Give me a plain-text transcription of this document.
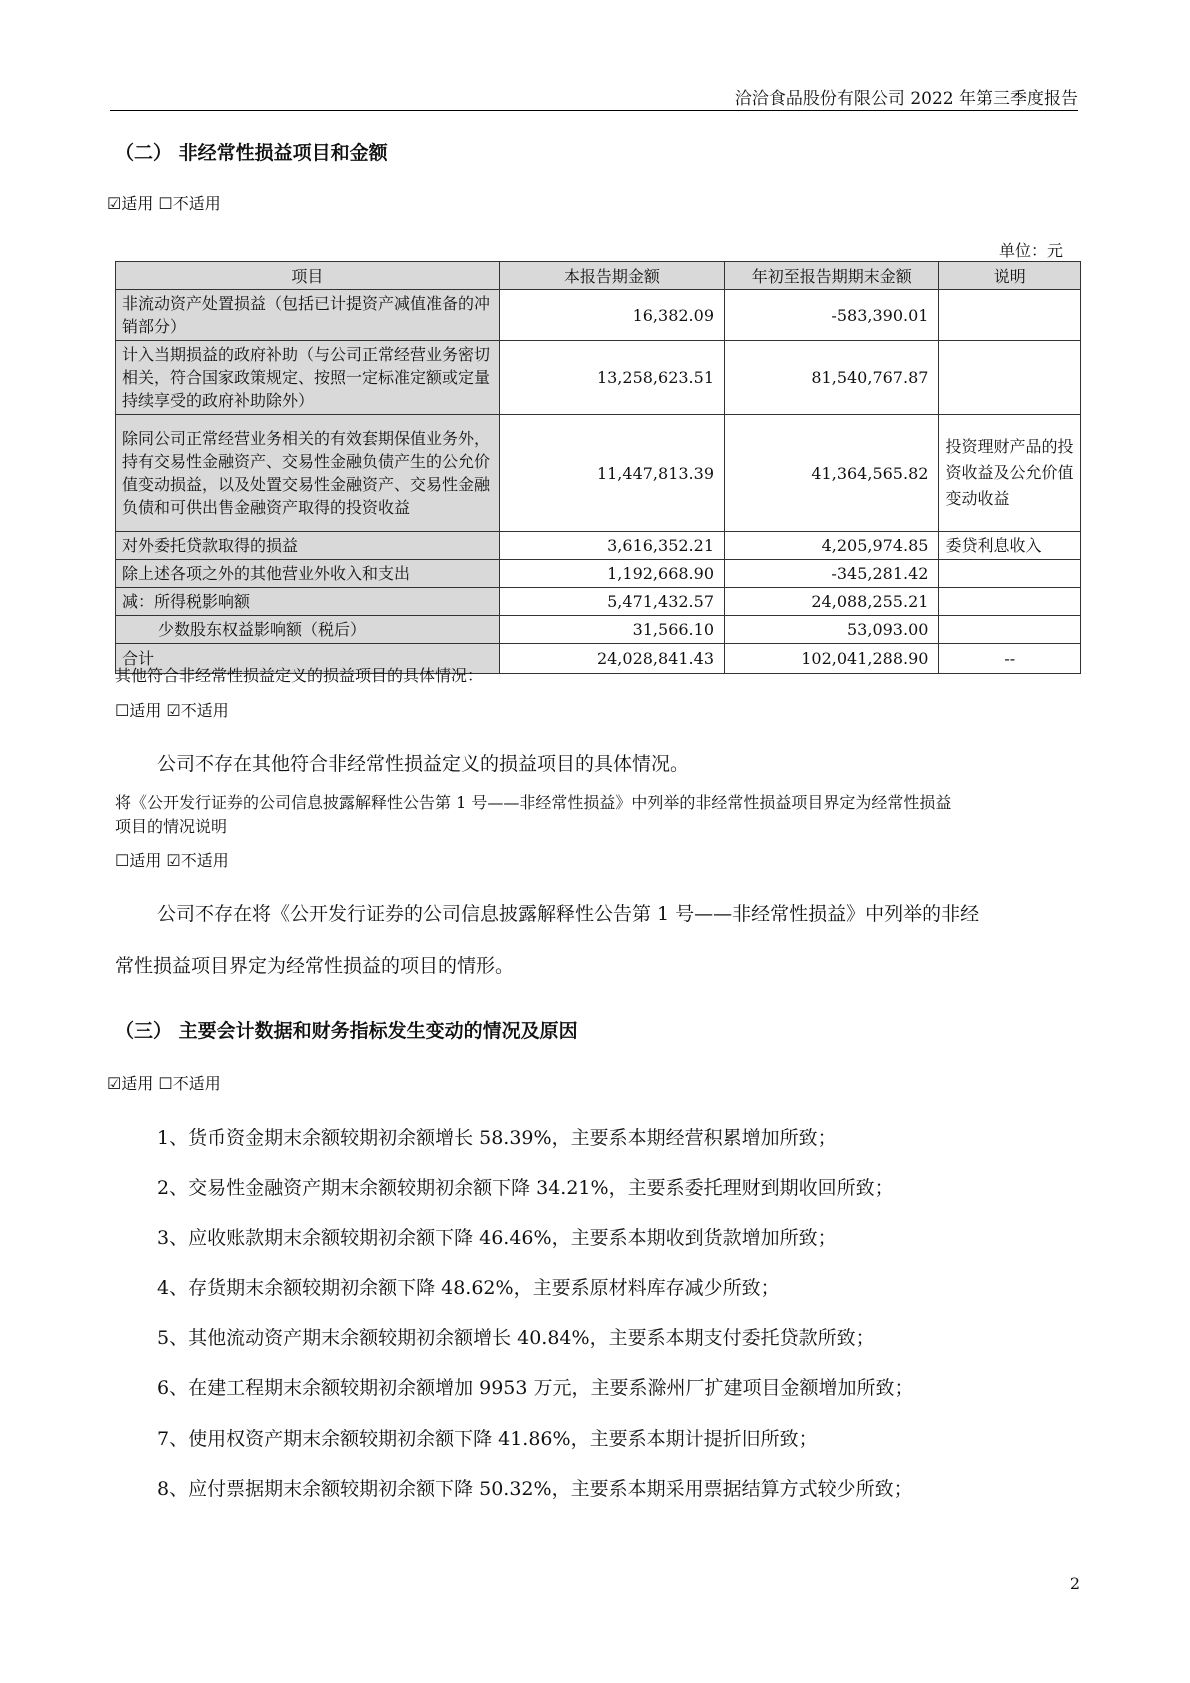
洽洽食品股份有限公司 2022 年第三季度报告
（二） 非经常性损益项目和金额
☑适用 ☐不适用
单位：元
项目	本报告期金额	年初至报告期期末金额	说明
非流动资产处置损益（包括已计提资产减值准备的冲销部分）	16,382.09	-583,390.01	
计入当期损益的政府补助（与公司正常经营业务密切相关，符合国家政策规定、按照一定标准定额或定量持续享受的政府补助除外）	13,258,623.51	81,540,767.87	
除同公司正常经营业务相关的有效套期保值业务外，持有交易性金融资产、交易性金融负债产生的公允价值变动损益，以及处置交易性金融资产、交易性金融负债和可供出售金融资产取得的投资收益	11,447,813.39	41,364,565.82	投资理财产品的投资收益及公允价值变动收益
对外委托贷款取得的损益	3,616,352.21	4,205,974.85	委贷利息收入
除上述各项之外的其他营业外收入和支出	1,192,668.90	-345,281.42	
减：所得税影响额	5,471,432.57	24,088,255.21	
少数股东权益影响额（税后）	31,566.10	53,093.00	
合计	24,028,841.43	102,041,288.90	--
其他符合非经常性损益定义的损益项目的具体情况：
☐适用 ☑不适用
公司不存在其他符合非经常性损益定义的损益项目的具体情况。
将《公开发行证券的公司信息披露解释性公告第 1 号——非经常性损益》中列举的非经常性损益项目界定为经常性损益
项目的情况说明
☐适用 ☑不适用
公司不存在将《公开发行证券的公司信息披露解释性公告第 1 号——非经常性损益》中列举的非经
常性损益项目界定为经常性损益的项目的情形。
（三） 主要会计数据和财务指标发生变动的情况及原因
☑适用 ☐不适用
1、货币资金期末余额较期初余额增长 58.39%，主要系本期经营积累增加所致；
2、交易性金融资产期末余额较期初余额下降 34.21%，主要系委托理财到期收回所致；
3、应收账款期末余额较期初余额下降 46.46%，主要系本期收到货款增加所致；
4、存货期末余额较期初余额下降 48.62%，主要系原材料库存减少所致；
5、其他流动资产期末余额较期初余额增长 40.84%，主要系本期支付委托贷款所致；
6、在建工程期末余额较期初余额增加 9953 万元，主要系滁州厂扩建项目金额增加所致；
7、使用权资产期末余额较期初余额下降 41.86%，主要系本期计提折旧所致；
8、应付票据期末余额较期初余额下降 50.32%，主要系本期采用票据结算方式较少所致；
2
